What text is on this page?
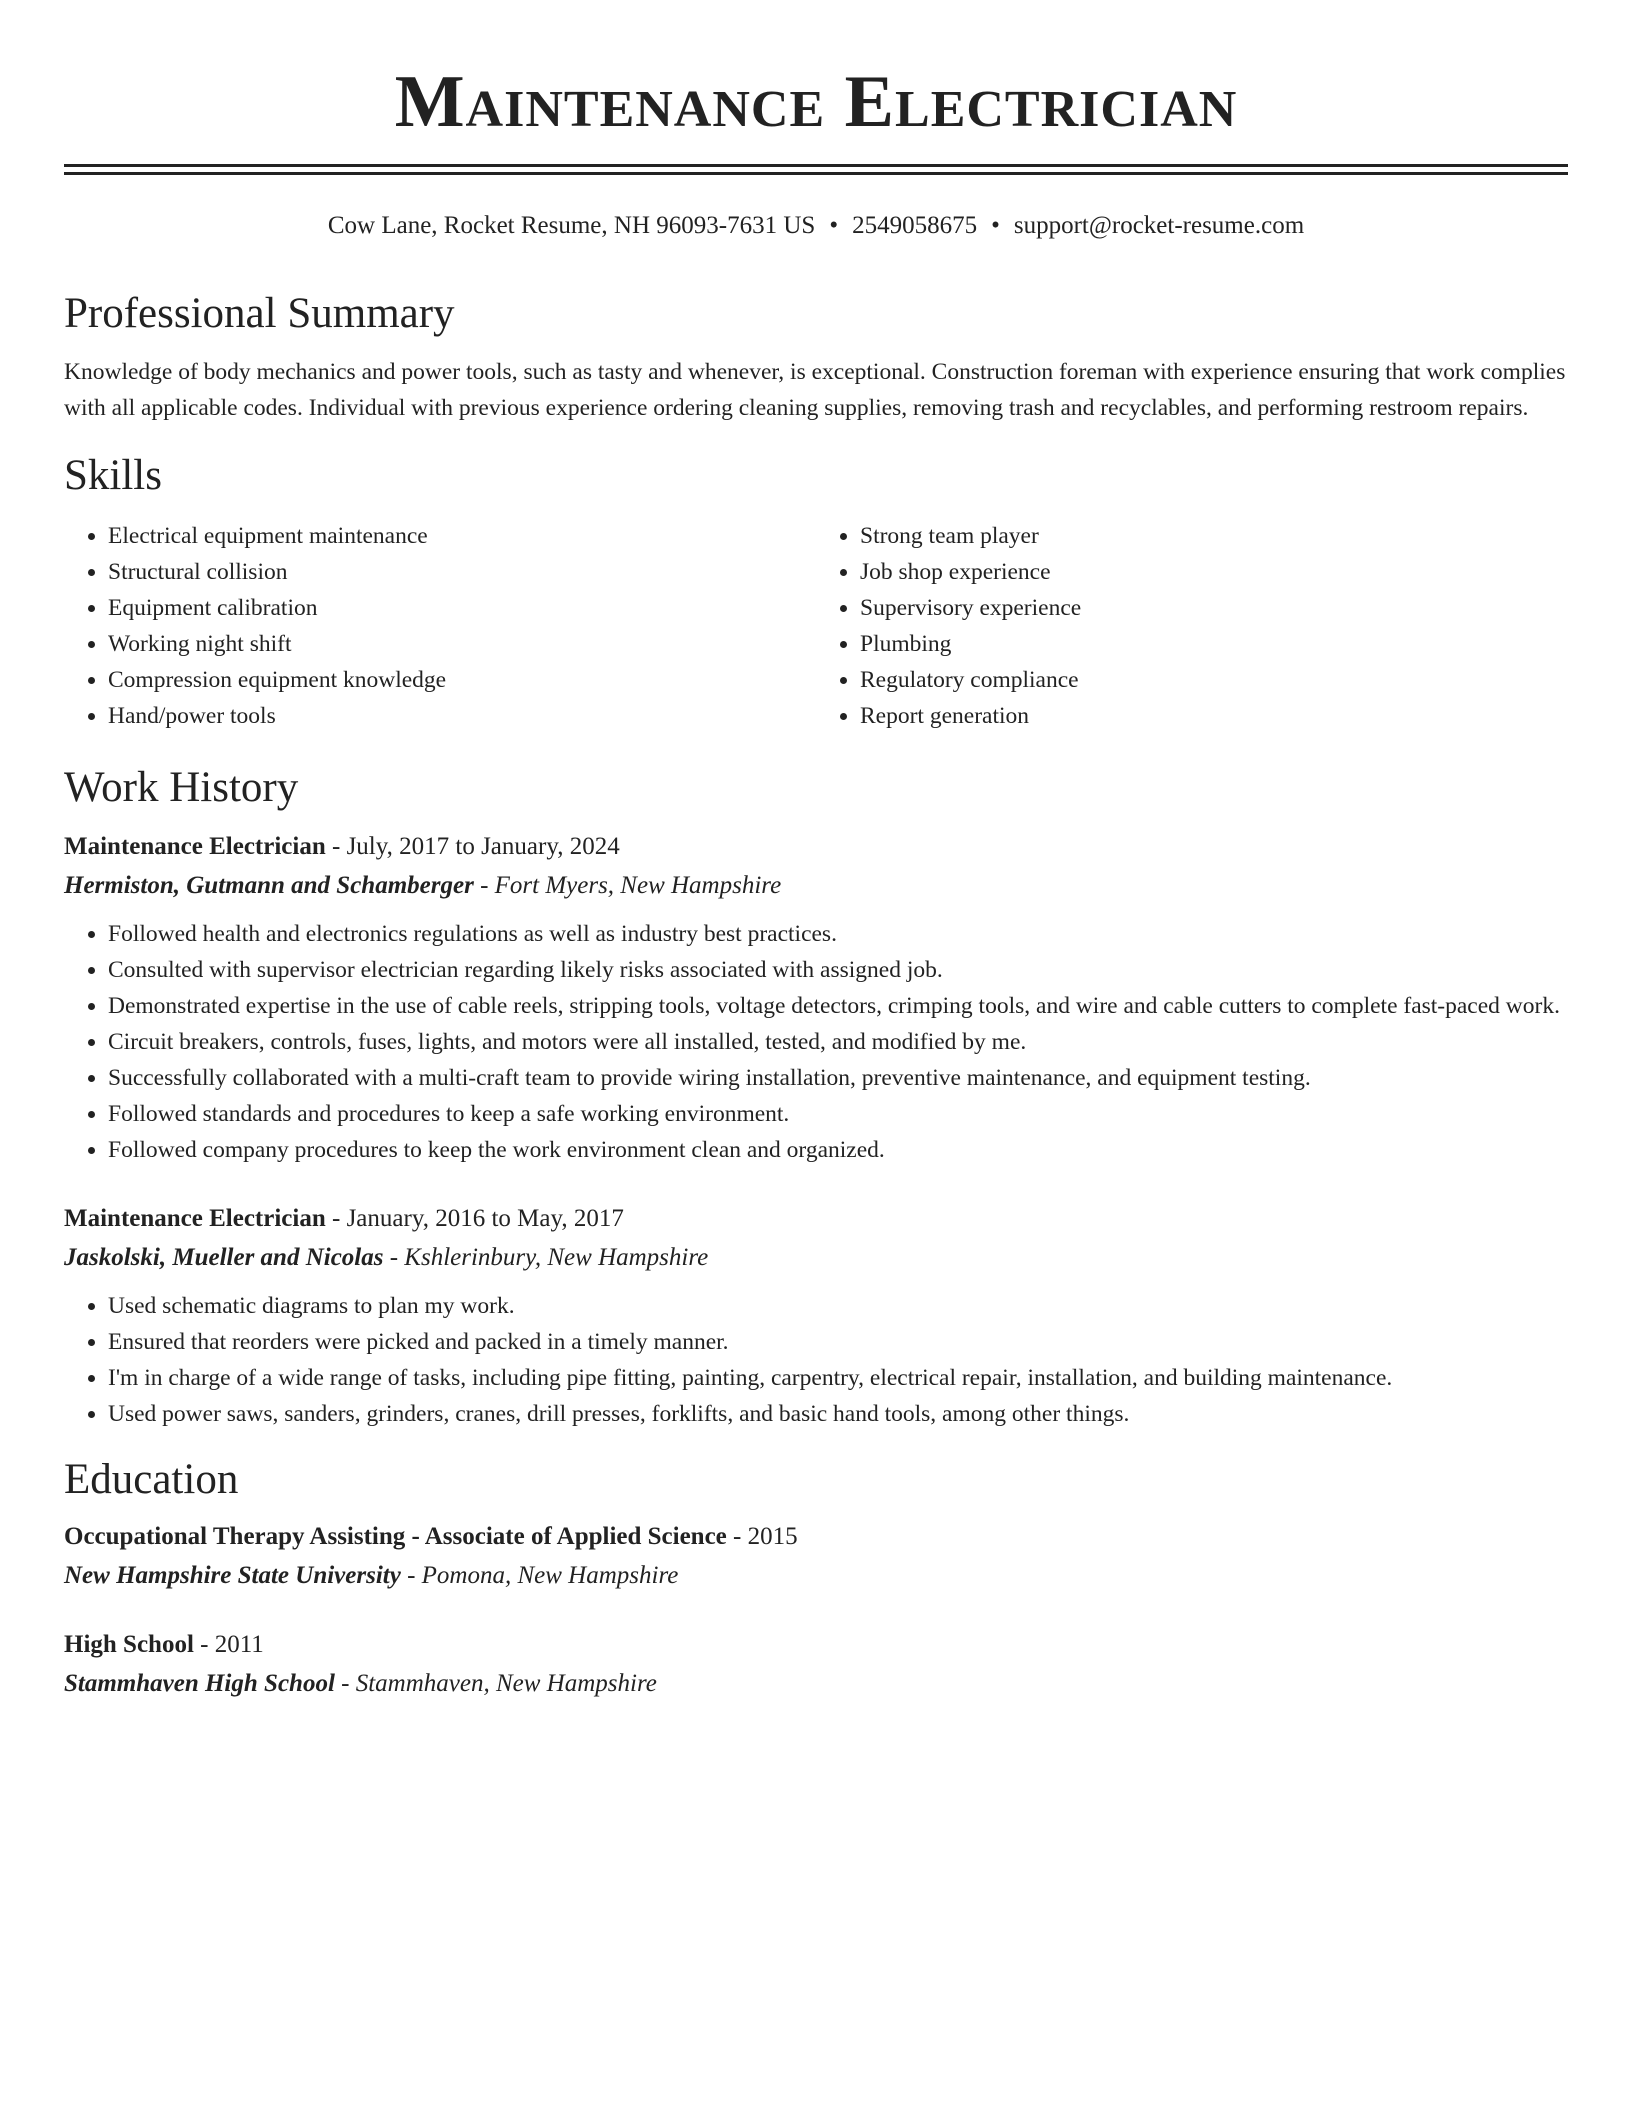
Maintenance Electrician
Cow Lane, Rocket Resume, NH 96093-7631 US • 2549058675 • support@rocket-resume.com
Professional Summary

Knowledge of body mechanics and power tools, such as tasty and whenever, is exceptional. Construction foreman with experience ensuring that work complies with all applicable codes. Individual with previous experience ordering cleaning supplies, removing trash and recyclables, and performing restroom repairs.

Skills
• Electrical equipment maintenance
• Structural collision
• Equipment calibration
• Working night shift
• Compression equipment knowledge
• Hand/power tools
• Strong team player
• Job shop experience
• Supervisory experience
• Plumbing
• Regulatory compliance
• Report generation
Work History
Maintenance Electrician - July, 2017 to January, 2024
Hermiston, Gutmann and Schamberger - Fort Myers, New Hampshire
• Followed health and electronics regulations as well as industry best practices.
• Consulted with supervisor electrician regarding likely risks associated with assigned job.
• Demonstrated expertise in the use of cable reels, stripping tools, voltage detectors, crimping tools, and wire and cable cutters to complete fast-paced work.
• Circuit breakers, controls, fuses, lights, and motors were all installed, tested, and modified by me.
• Successfully collaborated with a multi-craft team to provide wiring installation, preventive maintenance, and equipment testing.
• Followed standards and procedures to keep a safe working environment.
• Followed company procedures to keep the work environment clean and organized.
Maintenance Electrician - January, 2016 to May, 2017
Jaskolski, Mueller and Nicolas - Kshlerinbury, New Hampshire
• Used schematic diagrams to plan my work.
• Ensured that reorders were picked and packed in a timely manner.
• I'm in charge of a wide range of tasks, including pipe fitting, painting, carpentry, electrical repair, installation, and building maintenance.
• Used power saws, sanders, grinders, cranes, drill presses, forklifts, and basic hand tools, among other things.
Education
Occupational Therapy Assisting - Associate of Applied Science - 2015
New Hampshire State University - Pomona, New Hampshire
High School - 2011
Stammhaven High School - Stammhaven, New Hampshire
